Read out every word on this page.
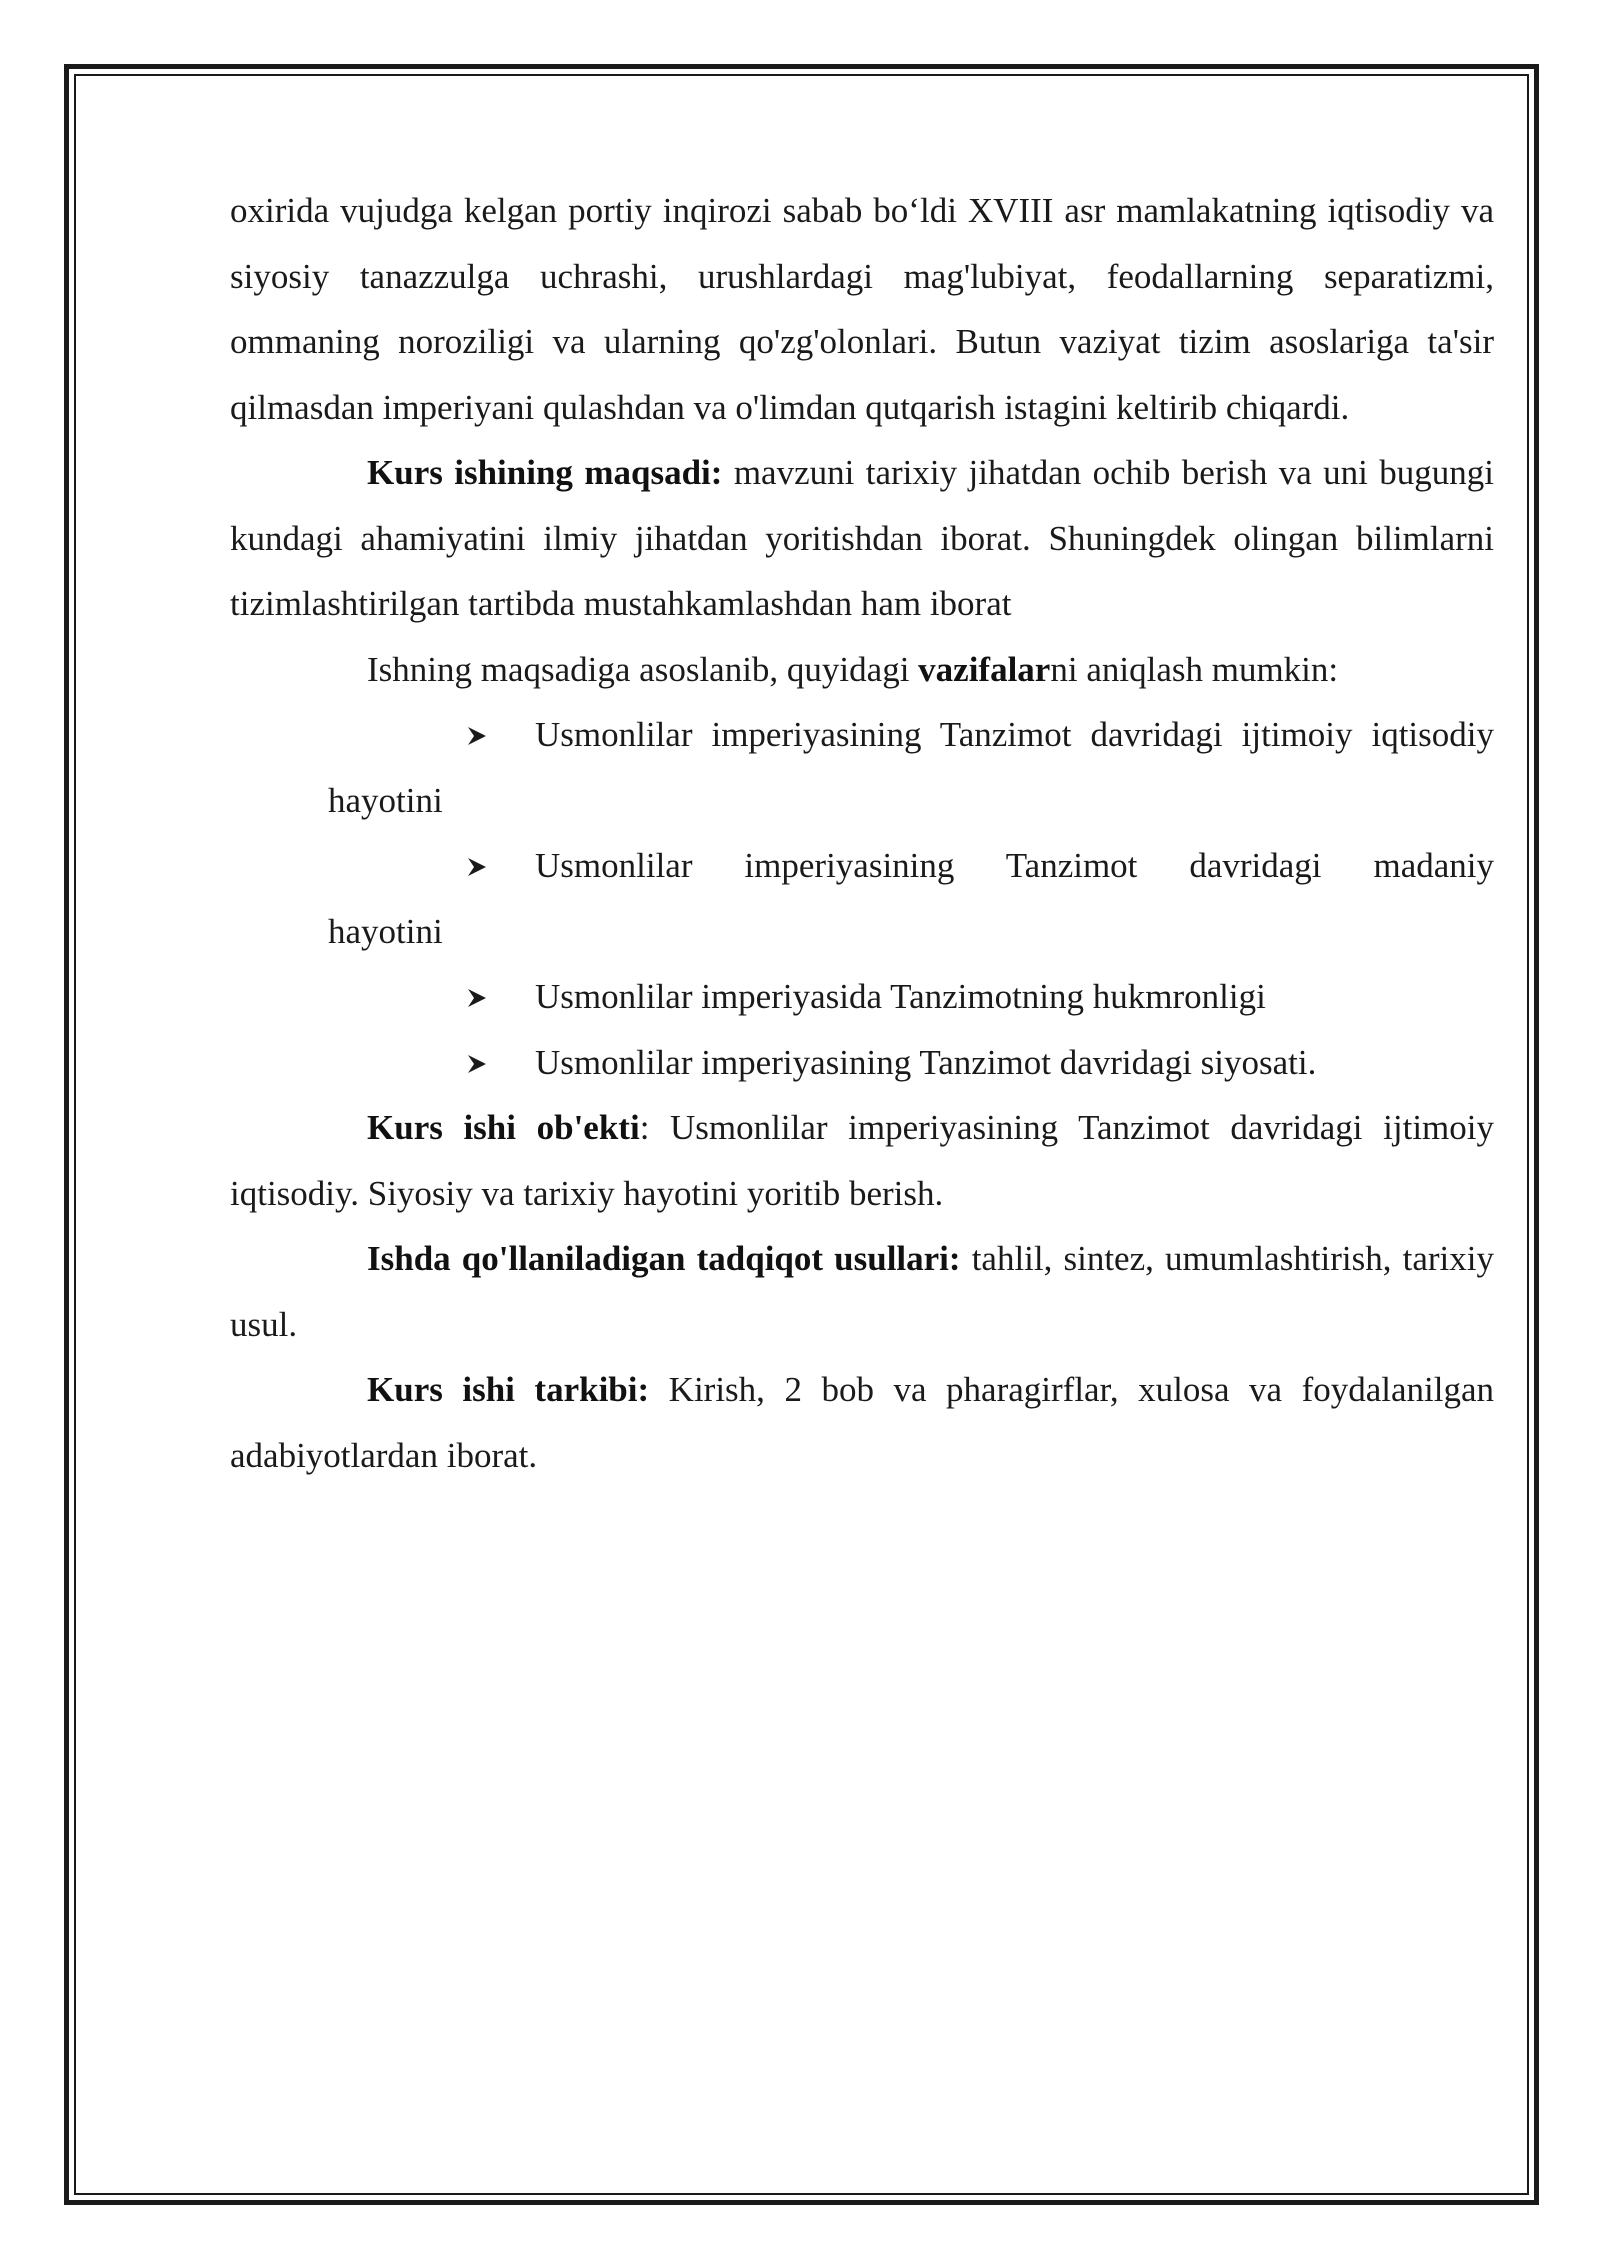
oxirida vujudga kelgan portiy inqirozi sabab bo‘ldi XVIII asr mamlakatning iqtisodiy va siyosiy tanazzulga uchrashi, urushlardagi mag'lubiyat, feodallarning separatizmi, ommaning noroziligi va ularning qo'zg'olonlari. Butun vaziyat tizim asoslariga ta'sir qilmasdan imperiyani qulashdan va o'limdan qutqarish istagini keltirib chiqardi.

Kurs ishining maqsadi: mavzuni tarixiy jihatdan ochib berish va uni bugungi kundagi ahamiyatini ilmiy jihatdan yoritishdan iborat. Shuningdek olingan bilimlarni tizimlashtirilgan tartibda mustahkamlashdan ham iborat

Ishning maqsadiga asoslanib, quyidagi vazifalarni aniqlash mumkin:

Usmonlilar imperiyasining Tanzimot davridagi ijtimoiy iqtisodiy
hayotini
Usmonlilar imperiyasining Tanzimot davridagi madaniy
hayotini
Usmonlilar imperiyasida Tanzimotning hukmronligi
Usmonlilar imperiyasining Tanzimot davridagi siyosati.

Kurs ishi ob'ekti: Usmonlilar imperiyasining Tanzimot davridagi ijtimoiy iqtisodiy. Siyosiy va tarixiy hayotini yoritib berish.

Ishda qo'llaniladigan tadqiqot usullari: tahlil, sintez, umumlashtirish, tarixiy usul.

Kurs ishi tarkibi: Kirish, 2 bob va pharagirflar, xulosa va foydalanilgan adabiyotlardan iborat.
